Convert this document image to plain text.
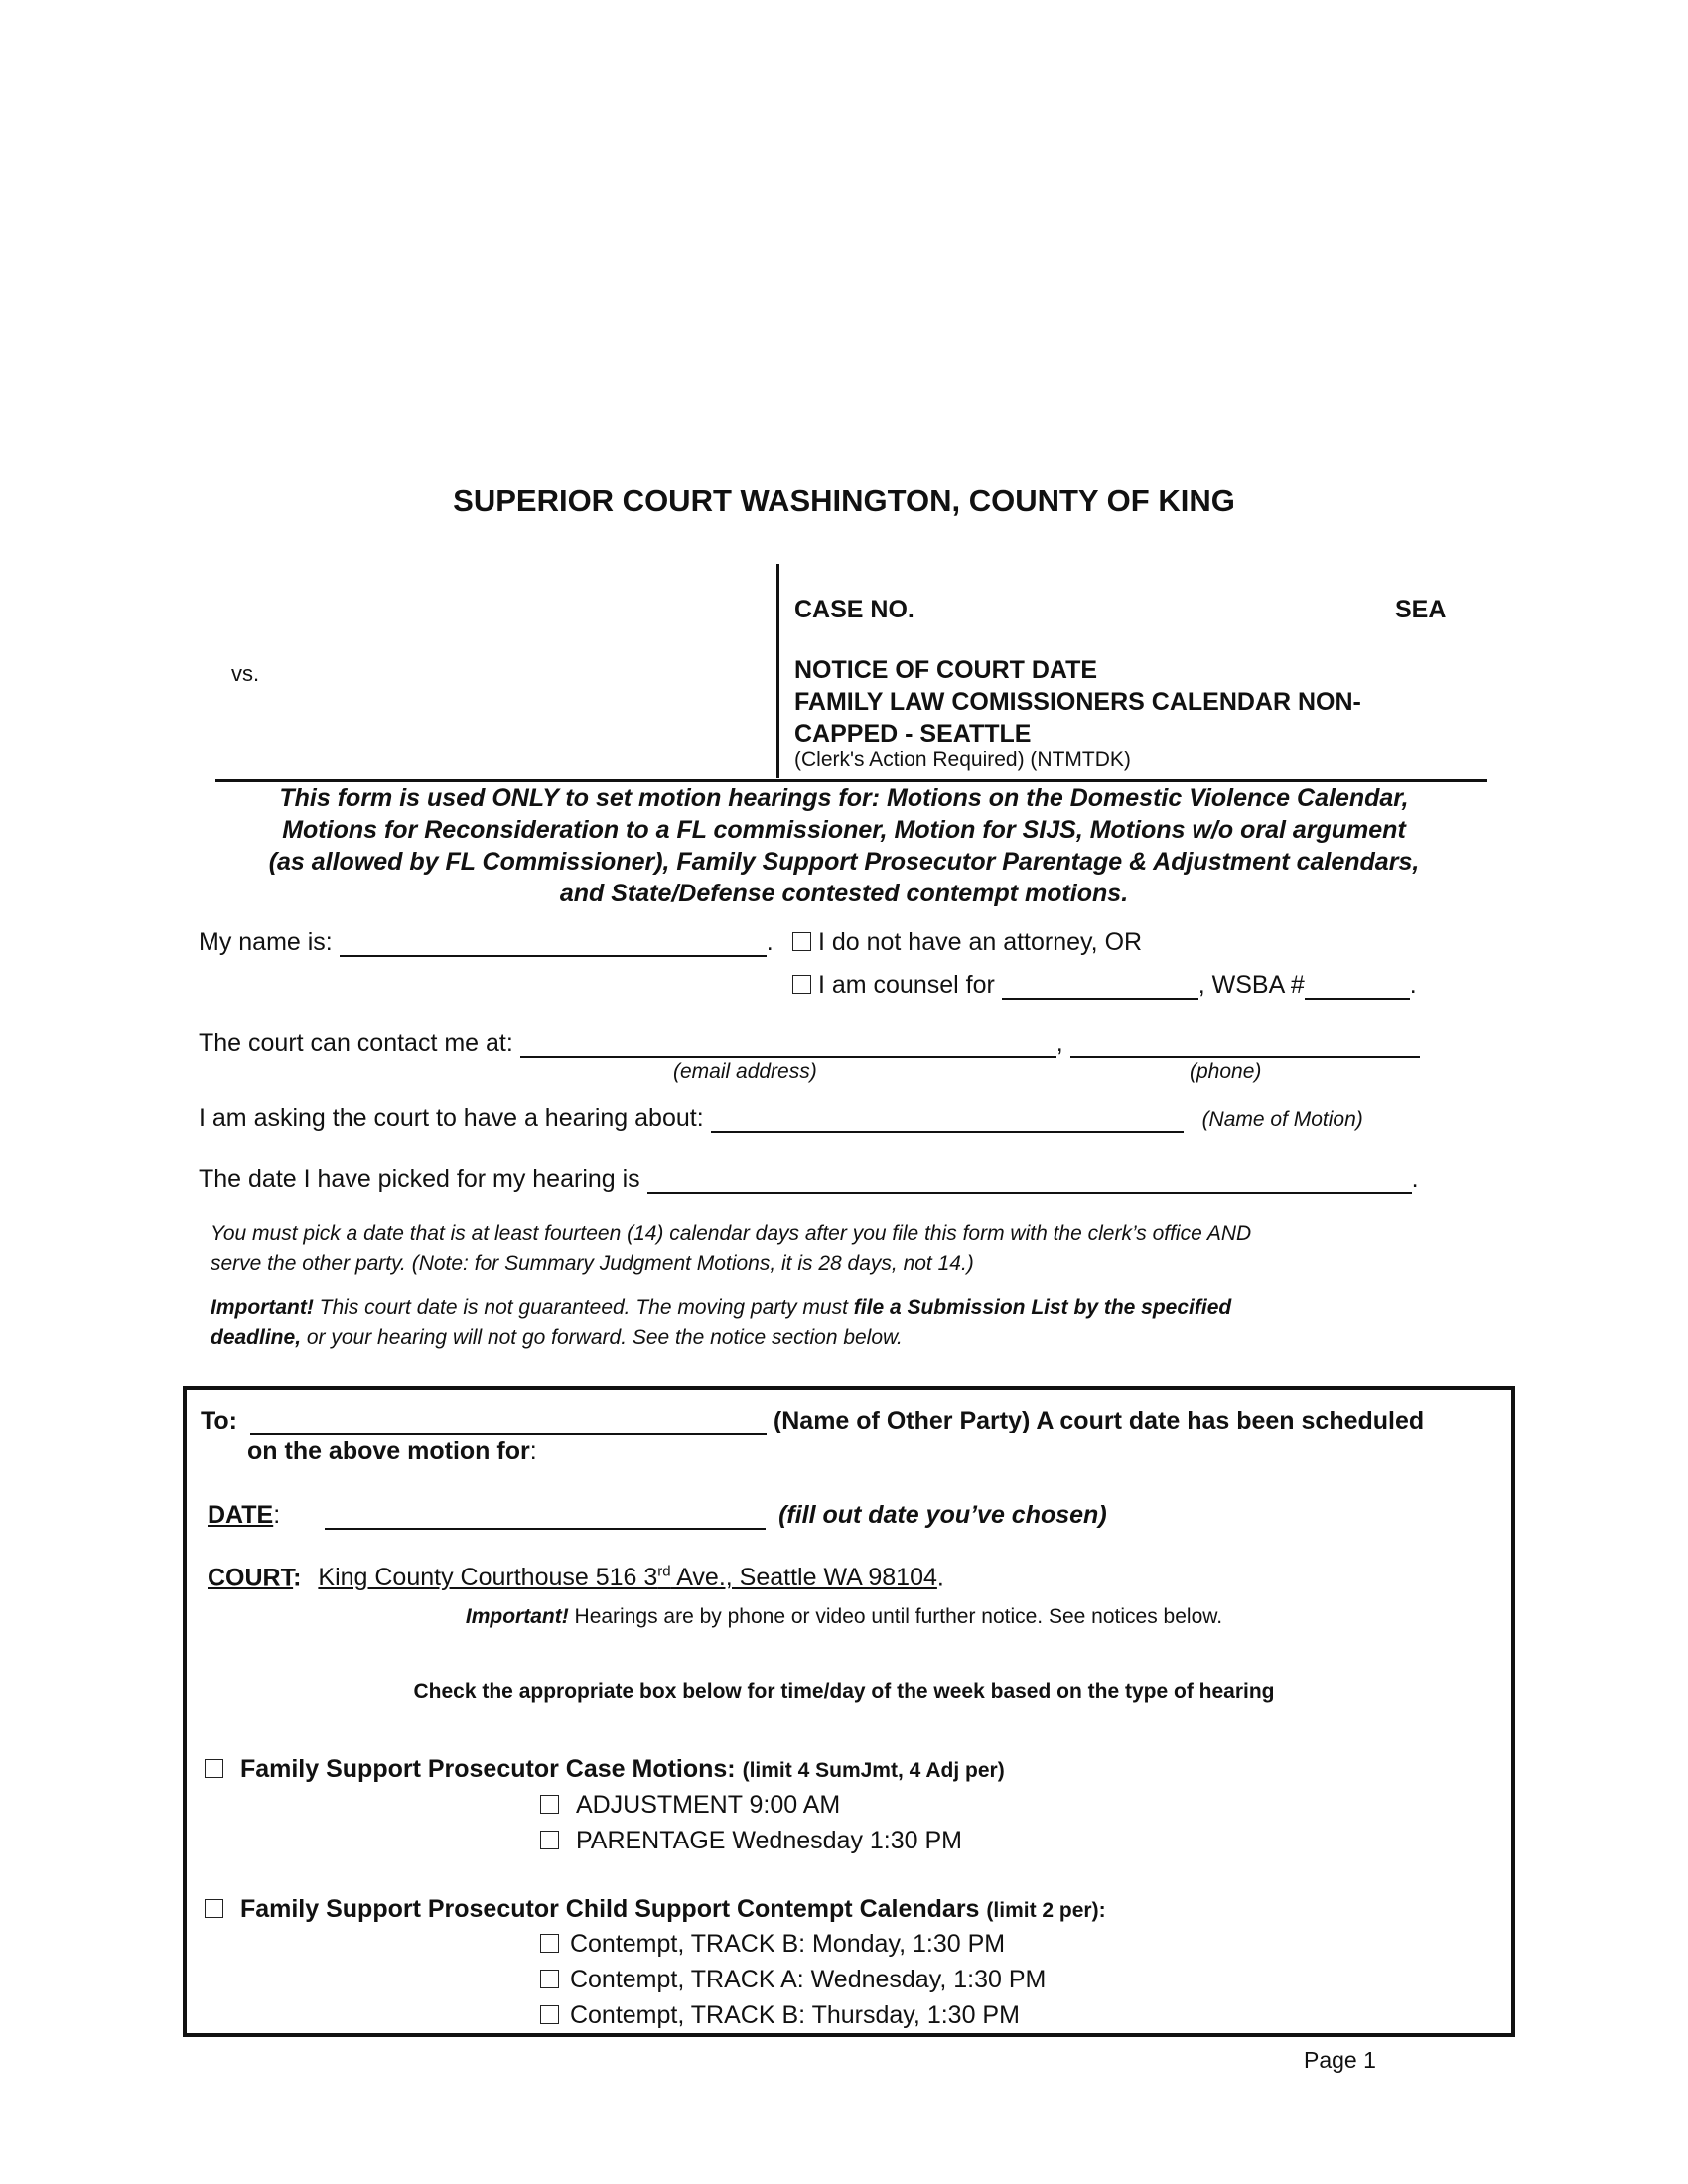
SUPERIOR COURT WASHINGTON, COUNTY OF KING
vs.
CASE NO.	SEA
NOTICE OF COURT DATE
FAMILY LAW COMISSIONERS CALENDAR NON-
CAPPED - SEATTLE
(Clerk's Action Required) (NTMTDK)
This form is used ONLY to set motion hearings for: Motions on the Domestic Violence Calendar,
Motions for Reconsideration to a FL commissioner, Motion for SIJS, Motions w/o oral argument
(as allowed by FL Commissioner), Family Support Prosecutor Parentage & Adjustment calendars,
and State/Defense contested contempt motions.
My name is:	.	I do not have an attorney, OR
I am counsel for	, WSBA #	.
The court can contact me at:	,
(email address)	(phone)
I am asking the court to have a hearing about:	(Name of Motion)
The date I have picked for my hearing is	.
You must pick a date that is at least fourteen (14) calendar days after you file this form with the clerk’s office AND
serve the other party. (Note: for Summary Judgment Motions, it is 28 days, not 14.)
Important! This court date is not guaranteed. The moving party must file a Submission List by the specified
deadline, or your hearing will not go forward. See the notice section below.
To:	(Name of Other Party) A court date has been scheduled
on the above motion for:
DATE:	(fill out date you’ve chosen)
COURT: King County Courthouse 516 3rd Ave., Seattle WA 98104.
Important! Hearings are by phone or video until further notice. See notices below.
Check the appropriate box below for time/day of the week based on the type of hearing
Family Support Prosecutor Case Motions: (limit 4 SumJmt, 4 Adj per)
ADJUSTMENT 9:00 AM
PARENTAGE Wednesday 1:30 PM
Family Support Prosecutor Child Support Contempt Calendars (limit 2 per):
Contempt, TRACK B: Monday, 1:30 PM
Contempt, TRACK A: Wednesday, 1:30 PM
Contempt, TRACK B: Thursday, 1:30 PM
Page 1
